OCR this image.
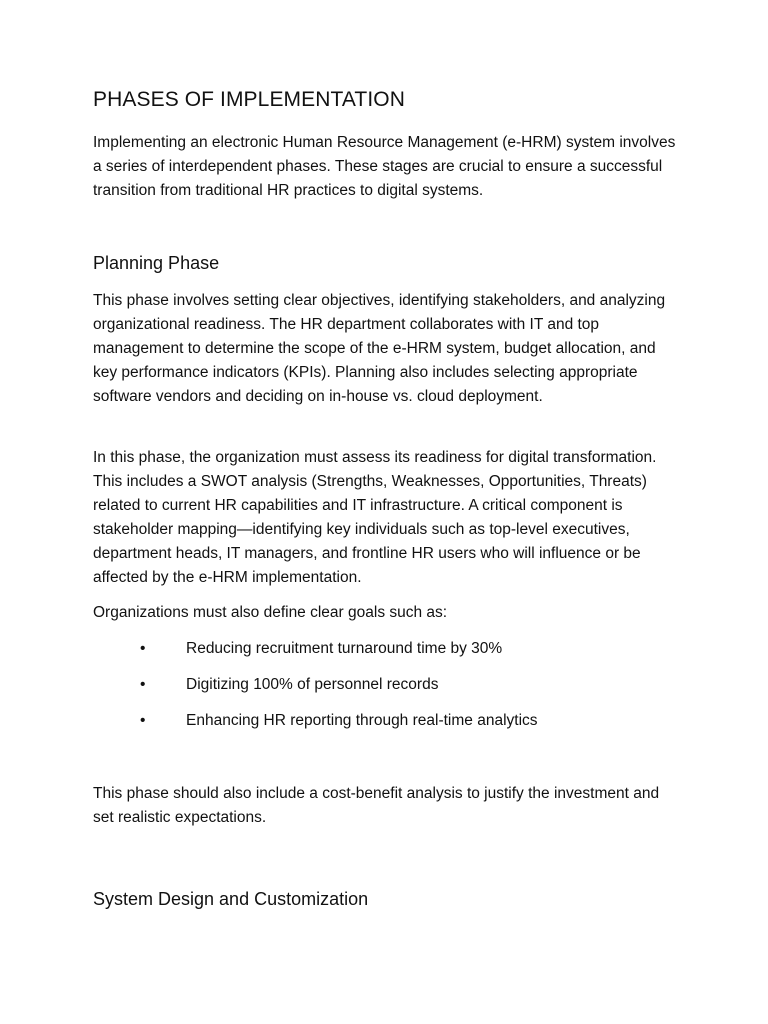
PHASES OF IMPLEMENTATION

Implementing an electronic Human Resource Management (e-HRM) system involves a series of interdependent phases. These stages are crucial to ensure a successful transition from traditional HR practices to digital systems.

Planning Phase

This phase involves setting clear objectives, identifying stakeholders, and analyzing organizational readiness. The HR department collaborates with IT and top management to determine the scope of the e-HRM system, budget allocation, and key performance indicators (KPIs). Planning also includes selecting appropriate software vendors and deciding on in-house vs. cloud deployment.

In this phase, the organization must assess its readiness for digital transformation. This includes a SWOT analysis (Strengths, Weaknesses, Opportunities, Threats) related to current HR capabilities and IT infrastructure. A critical component is stakeholder mapping—identifying key individuals such as top-level executives, department heads, IT managers, and frontline HR users who will influence or be affected by the e-HRM implementation.

Organizations must also define clear goals such as:

•	Reducing recruitment turnaround time by 30%
•	Digitizing 100% of personnel records
•	Enhancing HR reporting through real-time analytics

This phase should also include a cost-benefit analysis to justify the investment and set realistic expectations.

System Design and Customization
